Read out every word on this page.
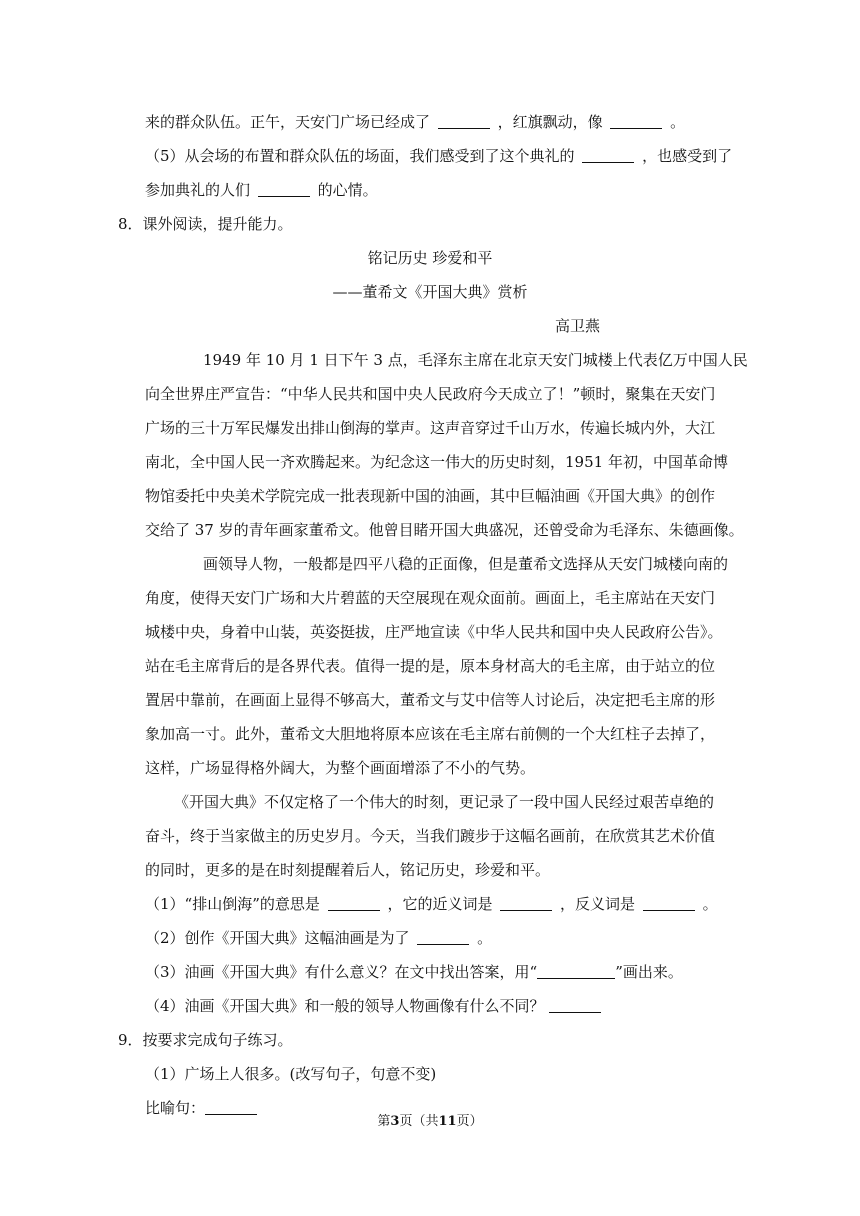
来的群众队伍。正午，天安门广场已经成了	，红旗飘动，像	。
（5）从会场的布置和群众队伍的场面，我们感受到了这个典礼的	，也感受到了
参加典礼的人们	的心情。
8．课外阅读，提升能力。
铭记历史 珍爱和平
——董希文《开国大典》赏析
高卫燕
1949 年 10 月 1 日下午 3 点，毛泽东主席在北京天安门城楼上代表亿万中国人民
向全世界庄严宣告：“中华人民共和国中央人民政府今天成立了！”顿时，聚集在天安门
广场的三十万军民爆发出排山倒海的掌声。这声音穿过千山万水，传遍长城内外，大江
南北，全中国人民一齐欢腾起来。为纪念这一伟大的历史时刻，1951 年初，中国革命博
物馆委托中央美术学院完成一批表现新中国的油画，其中巨幅油画《开国大典》的创作
交给了 37 岁的青年画家董希文。他曾目睹开国大典盛况，还曾受命为毛泽东、朱德画像。
画领导人物，一般都是四平八稳的正面像，但是董希文选择从天安门城楼向南的
角度，使得天安门广场和大片碧蓝的天空展现在观众面前。画面上，毛主席站在天安门
城楼中央，身着中山装，英姿挺拔，庄严地宣读《中华人民共和国中央人民政府公告》。
站在毛主席背后的是各界代表。值得一提的是，原本身材高大的毛主席，由于站立的位
置居中靠前，在画面上显得不够高大，董希文与艾中信等人讨论后，决定把毛主席的形
象加高一寸。此外，董希文大胆地将原本应该在毛主席右前侧的一个大红柱子去掉了，
这样，广场显得格外阔大，为整个画面增添了不小的气势。
《开国大典》不仅定格了一个伟大的时刻，更记录了一段中国人民经过艰苦卓绝的
奋斗，终于当家做主的历史岁月。今天，当我们踱步于这幅名画前，在欣赏其艺术价值
的同时，更多的是在时刻提醒着后人，铭记历史，珍爱和平。
（1）“排山倒海”的意思是	，它的近义词是	，反义词是	。
（2）创作《开国大典》这幅油画是为了	。
（3）油画《开国大典》有什么意义？在文中找出答案，用“	”画出来。
（4）油画《开国大典》和一般的领导人物画像有什么不同？
9．按要求完成句子练习。
（1）广场上人很多。(改写句子，句意不变)
比喻句：
第3页（共11页）
